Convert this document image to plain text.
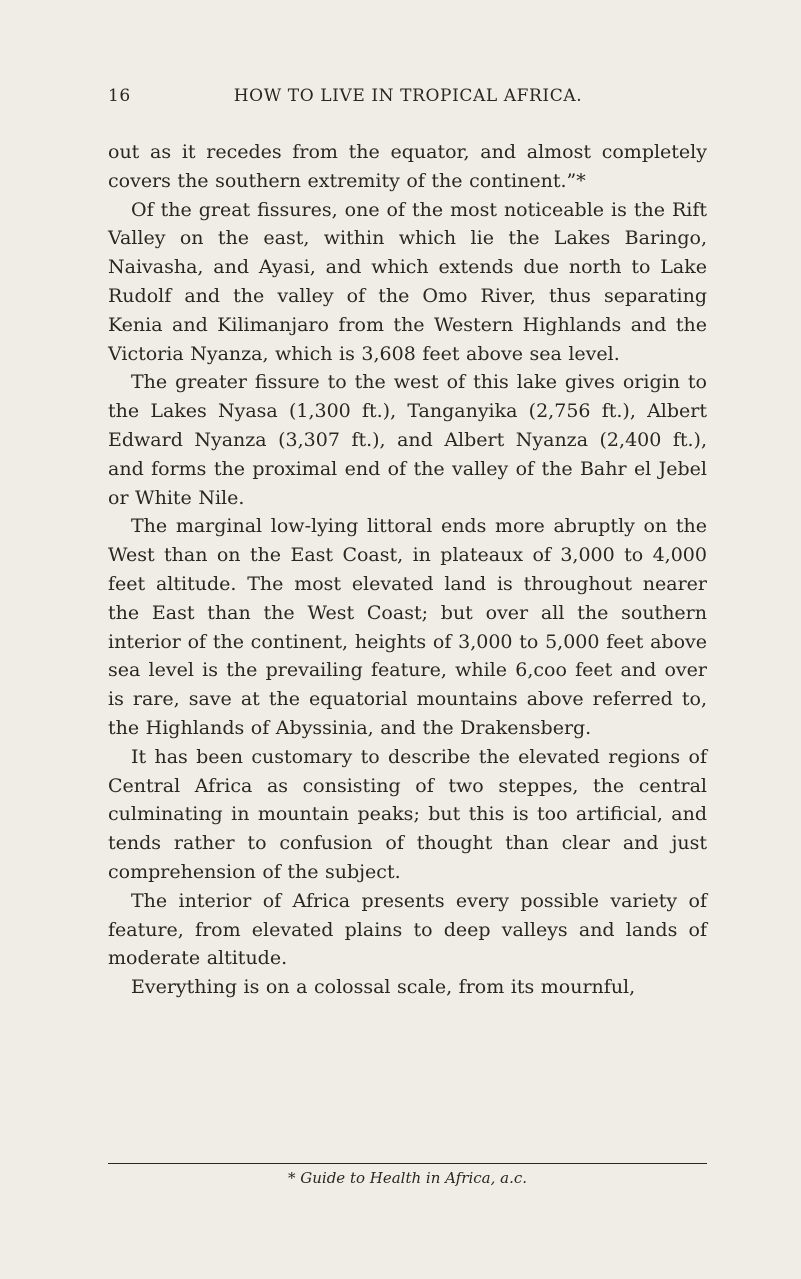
16	HOW TO LIVE IN TROPICAL AFRICA.

out as it recedes from the equator, and almost completely covers the southern extremity of the continent.”*

Of the great fissures, one of the most noticeable is the Rift Valley on the east, within which lie the Lakes Baringo, Naivasha, and Ayasi, and which extends due north to Lake Rudolf and the valley of the Omo River, thus separating Kenia and Kilimanjaro from the Western Highlands and the Victoria Nyanza, which is 3,608 feet above sea level.

The greater fissure to the west of this lake gives origin to the Lakes Nyasa (1,300 ft.), Tanganyika (2,756 ft.), Albert Edward Nyanza (3,307 ft.), and Albert Nyanza (2,400 ft.), and forms the proximal end of the valley of the Bahr el Jebel or White Nile.

The marginal low-lying littoral ends more abruptly on the West than on the East Coast, in plateaux of 3,000 to 4,000 feet altitude. The most elevated land is throughout nearer the East than the West Coast; but over all the southern interior of the continent, heights of 3,000 to 5,000 feet above sea level is the prevailing feature, while 6,coo feet and over is rare, save at the equatorial mountains above referred to, the Highlands of Abyssinia, and the Drakensberg.

It has been customary to describe the elevated regions of Central Africa as consisting of two steppes, the central culminating in mountain peaks; but this is too artificial, and tends rather to confusion of thought than clear and just comprehension of the subject.

The interior of Africa presents every possible variety of feature, from elevated plains to deep valleys and lands of moderate altitude.

Everything is on a colossal scale, from its mournful,

* Guide to Health in Africa, a.c.
